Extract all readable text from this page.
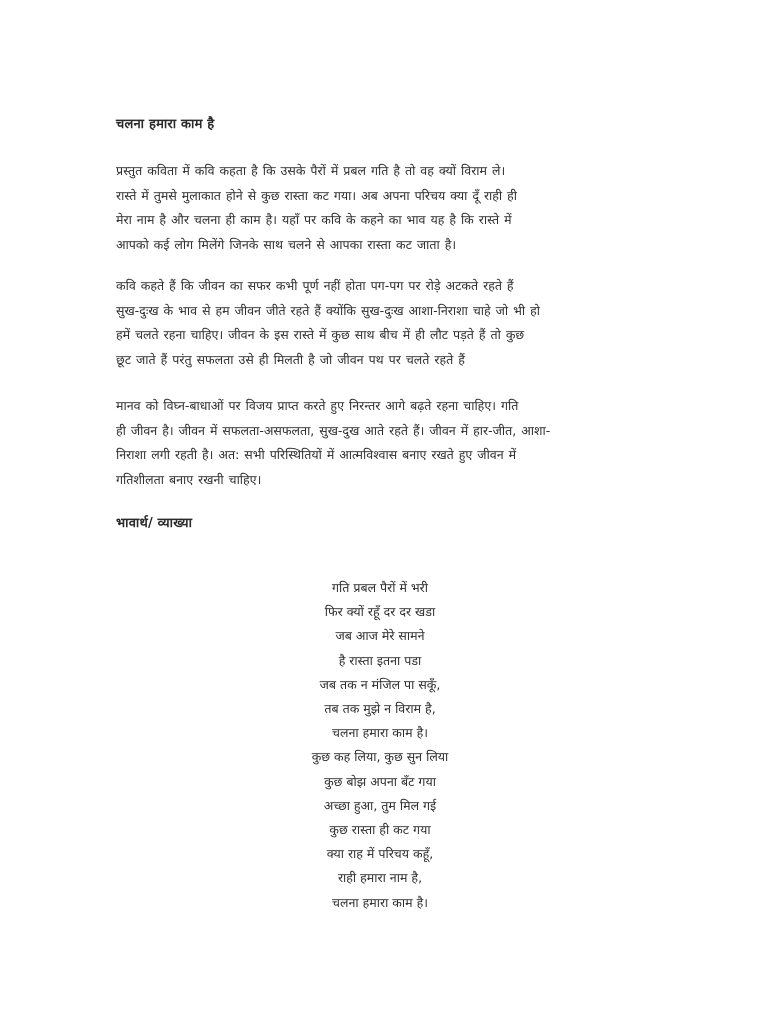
चलना हमारा काम है

प्रस्तुत कविता में कवि कहता है कि उसके पैरों में प्रबल गति है तो वह क्यों विराम ले।
रास्ते में तुमसे मुलाकात होने से कुछ रास्ता कट गया। अब अपना परिचय क्या दूँ राही ही
मेरा नाम है और चलना ही काम है। यहाँ पर कवि के कहने का भाव यह है कि रास्ते में
आपको कई लोग मिलेंगे जिनके साथ चलने से आपका रास्ता कट जाता है।

कवि कहते हैं कि जीवन का सफर कभी पूर्ण नहीं होता पग-पग पर रोड़े अटकते रहते हैं
सुख-दुःख के भाव से हम जीवन जीते रहते हैं क्योंकि सुख-दुःख आशा-निराशा चाहे जो भी हो
हमें चलते रहना चाहिए। जीवन के इस रास्ते में कुछ साथ बीच में ही लौट पड़ते हैं तो कुछ
छूट जाते हैं परंतु सफलता उसे ही मिलती है जो जीवन पथ पर चलते रहते हैं

मानव को विघ्न-बाधाओं पर विजय प्राप्त करते हुए निरन्तर आगे बढ़ते रहना चाहिए। गति
ही जीवन है। जीवन में सफलता-असफलता, सुख-दुख आते रहते हैं। जीवन में हार-जीत, आशा-
निराशा लगी रहती है। अत: सभी परिस्थितियों में आत्मविश्वास बनाए रखते हुए जीवन में
गतिशीलता बनाए रखनी चाहिए।

भावार्थ/ व्याख्या
गति प्रबल पैरों में भरी
फिर क्यों रहूँ दर दर खडा
जब आज मेरे सामने
है रास्ता इतना पडा
जब तक न मंजिल पा सकूँ,
तब तक मुझे न विराम है,
चलना हमारा काम है।
कुछ कह लिया, कुछ सुन लिया
कुछ बोझ अपना बँट गया
अच्छा हुआ, तुम मिल गई
कुछ रास्ता ही कट गया
क्या राह में परिचय कहूँ,
राही हमारा नाम है,
चलना हमारा काम है।
